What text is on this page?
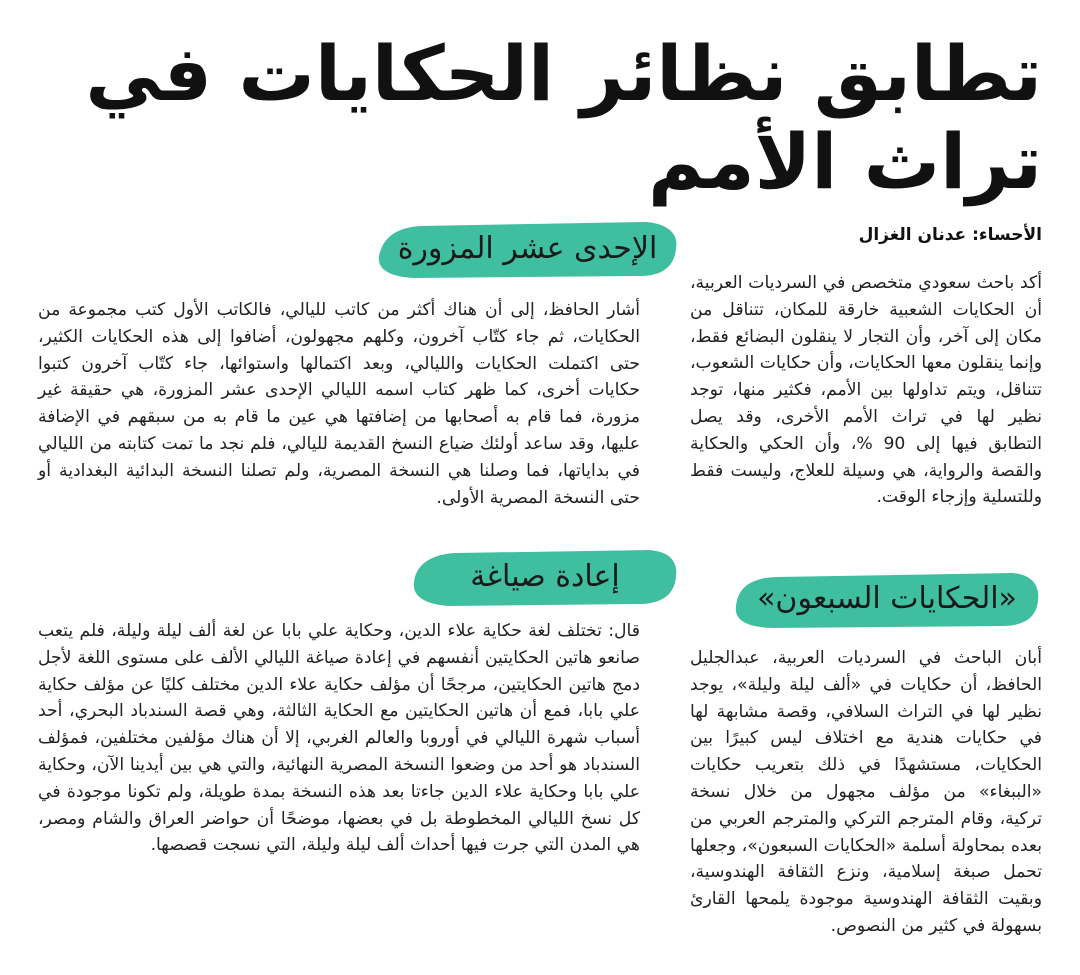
تطابق نظائر الحكايات في تراث الأمم
الأحساء: عدنان الغزال

أكد باحث سعودي متخصص في السرديات العربية، أن الحكايات الشعبية خارقة للمكان، تتناقل من مكان إلى آخر، وأن التجار لا ينقلون البضائع فقط، وإنما ينقلون معها الحكايات، وأن حكايات الشعوب، تتناقل، ويتم تداولها بين الأمم، فكثير منها، توجد نظير لها في تراث الأمم الأخرى، وقد يصل التطابق فيها إلى 90 %، وأن الحكي والحكاية والقصة والرواية، هي وسيلة للعلاج، وليست فقط وللتسلية وإزجاء الوقت.

الإحدى عشر المزورة

أشار الحافظ، إلى أن هناك أكثر من كاتب لليالي، فالكاتب الأول كتب مجموعة من الحكايات، ثم جاء كتّاب آخرون، وكلهم مجهولون، أضافوا إلى هذه الحكايات الكثير، حتى اكتملت الحكايات والليالي، وبعد اكتمالها واستوائها، جاء كتّاب آخرون كتبوا حكايات أخرى، كما ظهر كتاب اسمه الليالي الإحدى عشر المزورة، هي حقيقة غير مزورة، فما قام به أصحابها من إضافتها هي عين ما قام به من سبقهم في الإضافة عليها، وقد ساعد أولئك ضياع النسخ القديمة لليالي، فلم نجد ما تمت كتابته من الليالي في بداياتها، فما وصلنا هي النسخة المصرية، ولم تصلنا النسخة البدائية البغدادية أو حتى النسخة المصرية الأولى.

إعادة صياغة

قال: تختلف لغة حكاية علاء الدين، وحكاية علي بابا عن لغة ألف ليلة وليلة، فلم يتعب صانعو هاتين الحكايتين أنفسهم في إعادة صياغة الليالي الألف على مستوى اللغة لأجل دمج هاتين الحكايتين، مرجحًا أن مؤلف حكاية علاء الدين مختلف كليًا عن مؤلف حكاية علي بابا، فمع أن هاتين الحكايتين مع الحكاية الثالثة، وهي قصة السندباد البحري، أحد أسباب شهرة الليالي في أوروبا والعالم الغربي، إلا أن هناك مؤلفين مختلفين، فمؤلف السندباد هو أحد من وضعوا النسخة المصرية النهائية، والتي هي بين أيدينا الآن، وحكاية علي بابا وحكاية علاء الدين جاءتا بعد هذه النسخة بمدة طويلة، ولم تكونا موجودة في كل نسخ الليالي المخطوطة بل في بعضها، موضحًا أن حواضر العراق والشام ومصر، هي المدن التي جرت فيها أحداث ألف ليلة وليلة، التي نسجت قصصها.

«الحكايات السبعون»

أبان الباحث في السرديات العربية، عبدالجليل الحافظ، أن حكايات في «ألف ليلة وليلة»، يوجد نظير لها في التراث السلافي، وقصة مشابهة لها في حكايات هندية مع اختلاف ليس كبيرًا بين الحكايات، مستشهدًا في ذلك بتعريب حكايات «الببغاء» من مؤلف مجهول من خلال نسخة تركية، وقام المترجم التركي والمترجم العربي من بعده بمحاولة أسلمة «الحكايات السبعون»، وجعلها تحمل صبغة إسلامية، ونزع الثقافة الهندوسية، وبقيت الثقافة الهندوسية موجودة يلمحها القارئ بسهولة في كثير من النصوص.
